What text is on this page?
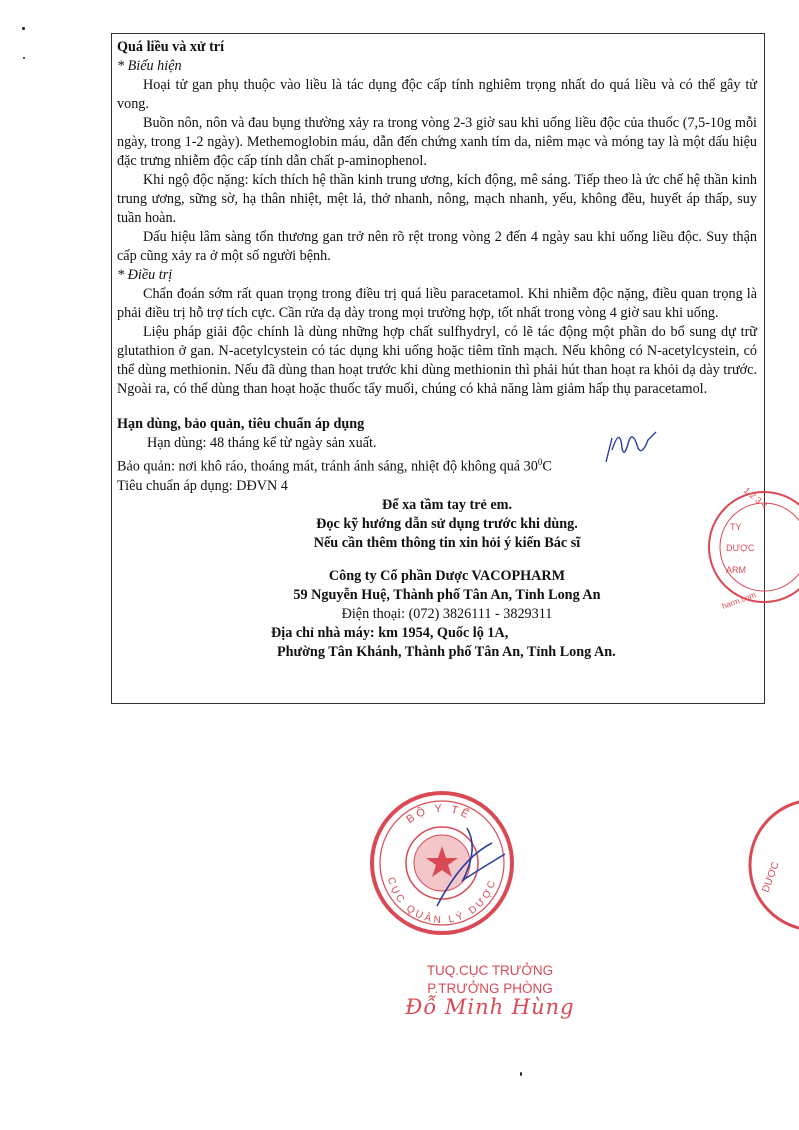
Quá liều và xử trí

* Biểu hiện

Hoại tử gan phụ thuộc vào liều là tác dụng độc cấp tính nghiêm trọng nhất do quá liều và có thể gây tử vong.

Buồn nôn, nôn và đau bụng thường xảy ra trong vòng 2-3 giờ sau khi uống liều độc của thuốc (7,5-10g mỗi ngày, trong 1-2 ngày). Methemoglobin máu, dẫn đến chứng xanh tím da, niêm mạc và móng tay là một dấu hiệu đặc trưng nhiễm độc cấp tính dẫn chất p-aminophenol.

Khi ngộ độc nặng: kích thích hệ thần kinh trung ương, kích động, mê sáng. Tiếp theo là ức chế hệ thần kinh trung ương, sững sờ, hạ thân nhiệt, mệt lả, thở nhanh, nông, mạch nhanh, yếu, không đều, huyết áp thấp, suy tuần hoàn.

Dấu hiệu lâm sàng tổn thương gan trở nên rõ rệt trong vòng 2 đến 4 ngày sau khi uống liều độc. Suy thận cấp cũng xảy ra ở một số người bệnh.

* Điều trị

Chẩn đoán sớm rất quan trọng trong điều trị quá liều paracetamol. Khi nhiễm độc nặng, điều quan trọng là phải điều trị hỗ trợ tích cực. Cần rửa dạ dày trong mọi trường hợp, tốt nhất trong vòng 4 giờ sau khi uống.

Liệu pháp giải độc chính là dùng những hợp chất sulfhydryl, có lẽ tác động một phần do bổ sung dự trữ glutathion ở gan. N-acetylcystein có tác dụng khi uống hoặc tiêm tĩnh mạch. Nếu không có N-acetylcystein, có thể dùng methionin. Nếu đã dùng than hoạt trước khi dùng methionin thì phải hút than hoạt ra khỏi dạ dày trước. Ngoài ra, có thể dùng than hoạt hoặc thuốc tẩy muối, chúng có khả năng làm giảm hấp thụ paracetamol.

Hạn dùng, bảo quản, tiêu chuẩn áp dụng

Hạn dùng: 48 tháng kể từ ngày sản xuất.

Bảo quản: nơi khô ráo, thoáng mát, tránh ánh sáng, nhiệt độ không quá $30^0C$

Tiêu chuẩn áp dụng: DĐVN 4

Để xa tầm tay trẻ em.
Đọc kỹ hướng dẫn sử dụng trước khi dùng.
Nếu cần thêm thông tin xin hỏi ý kiến Bác sĩ
Công ty Cổ phần Dược VACOPHARM
59 Nguyễn Huệ, Thành phố Tân An, Tỉnh Long An
Điện thoại: (072) 3826111 - 3829311
Địa chỉ nhà máy: km 1954, Quốc lộ 1A,
Phường Tân Khánh, Thành phố Tân An, Tỉnh Long An.
1 2 3 4
TY
DƯỢC
ARM
harm.com
BỘ Y TẾ
CỤC QUẢN LÝ DƯỢC	DƯỢC
TUQ.CỤC TRƯỞNG
P.TRƯỞNG PHÒNG
Đỗ Minh Hùng
